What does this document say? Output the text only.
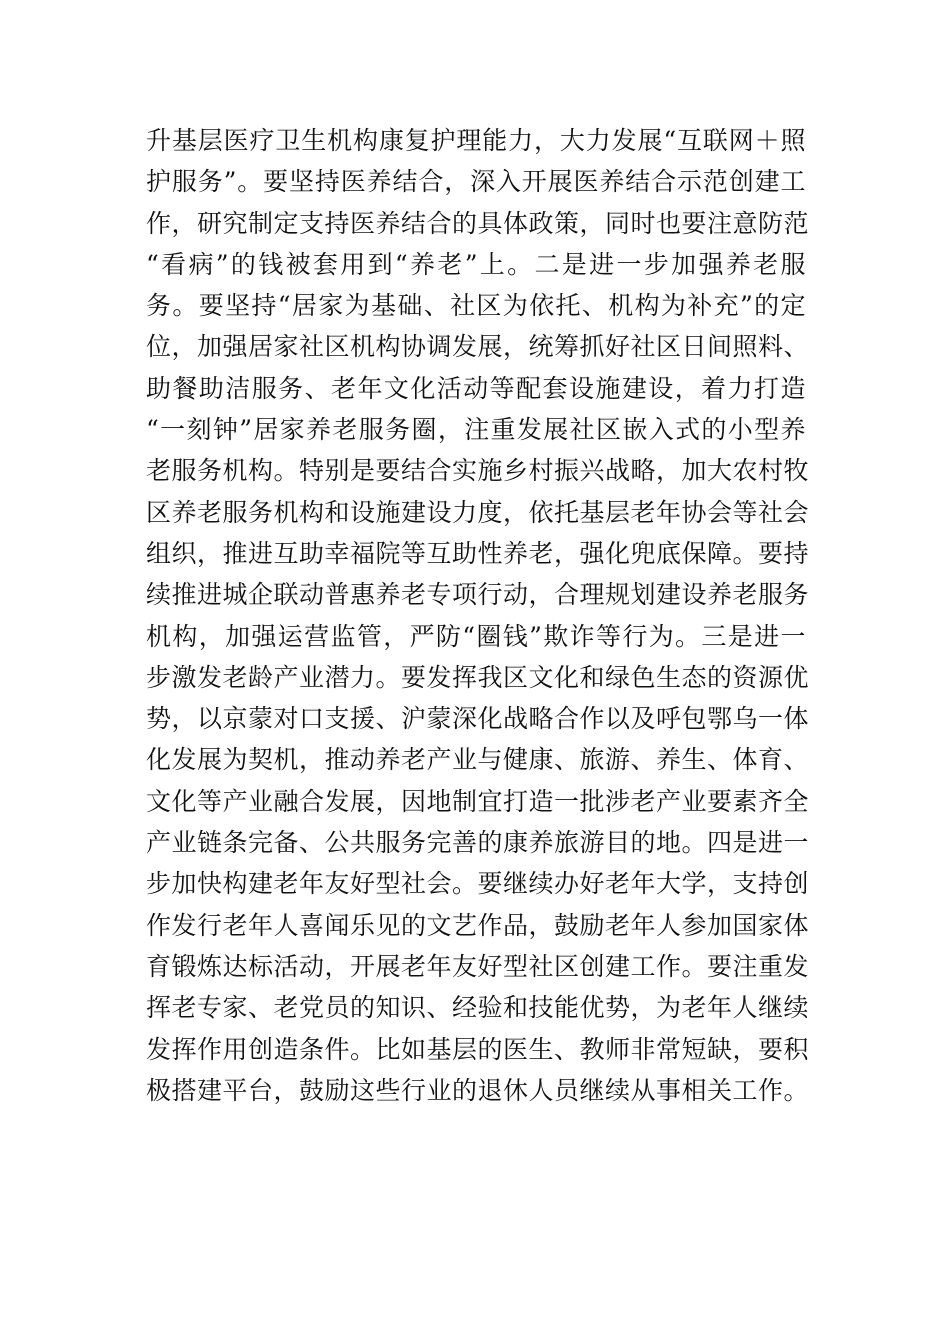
升基层医疗卫生机构康复护理能力，大力发展“互联网＋照
护服务”。要坚持医养结合，深入开展医养结合示范创建工
作，研究制定支持医养结合的具体政策，同时也要注意防范
“看病”的钱被套用到“养老”上。二是进一步加强养老服
务。要坚持“居家为基础、社区为依托、机构为补充”的定
位，加强居家社区机构协调发展，统筹抓好社区日间照料、
助餐助洁服务、老年文化活动等配套设施建设，着力打造
“一刻钟”居家养老服务圈，注重发展社区嵌入式的小型养
老服务机构。特别是要结合实施乡村振兴战略，加大农村牧
区养老服务机构和设施建设力度，依托基层老年协会等社会
组织，推进互助幸福院等互助性养老，强化兜底保障。要持
续推进城企联动普惠养老专项行动，合理规划建设养老服务
机构，加强运营监管，严防“圈钱”欺诈等行为。三是进一
步激发老龄产业潜力。要发挥我区文化和绿色生态的资源优
势，以京蒙对口支援、沪蒙深化战略合作以及呼包鄂乌一体
化发展为契机，推动养老产业与健康、旅游、养生、体育、
文化等产业融合发展，因地制宜打造一批涉老产业要素齐全
产业链条完备、公共服务完善的康养旅游目的地。四是进一
步加快构建老年友好型社会。要继续办好老年大学，支持创
作发行老年人喜闻乐见的文艺作品，鼓励老年人参加国家体
育锻炼达标活动，开展老年友好型社区创建工作。要注重发
挥老专家、老党员的知识、经验和技能优势，为老年人继续
发挥作用创造条件。比如基层的医生、教师非常短缺，要积
极搭建平台，鼓励这些行业的退休人员继续从事相关工作。
